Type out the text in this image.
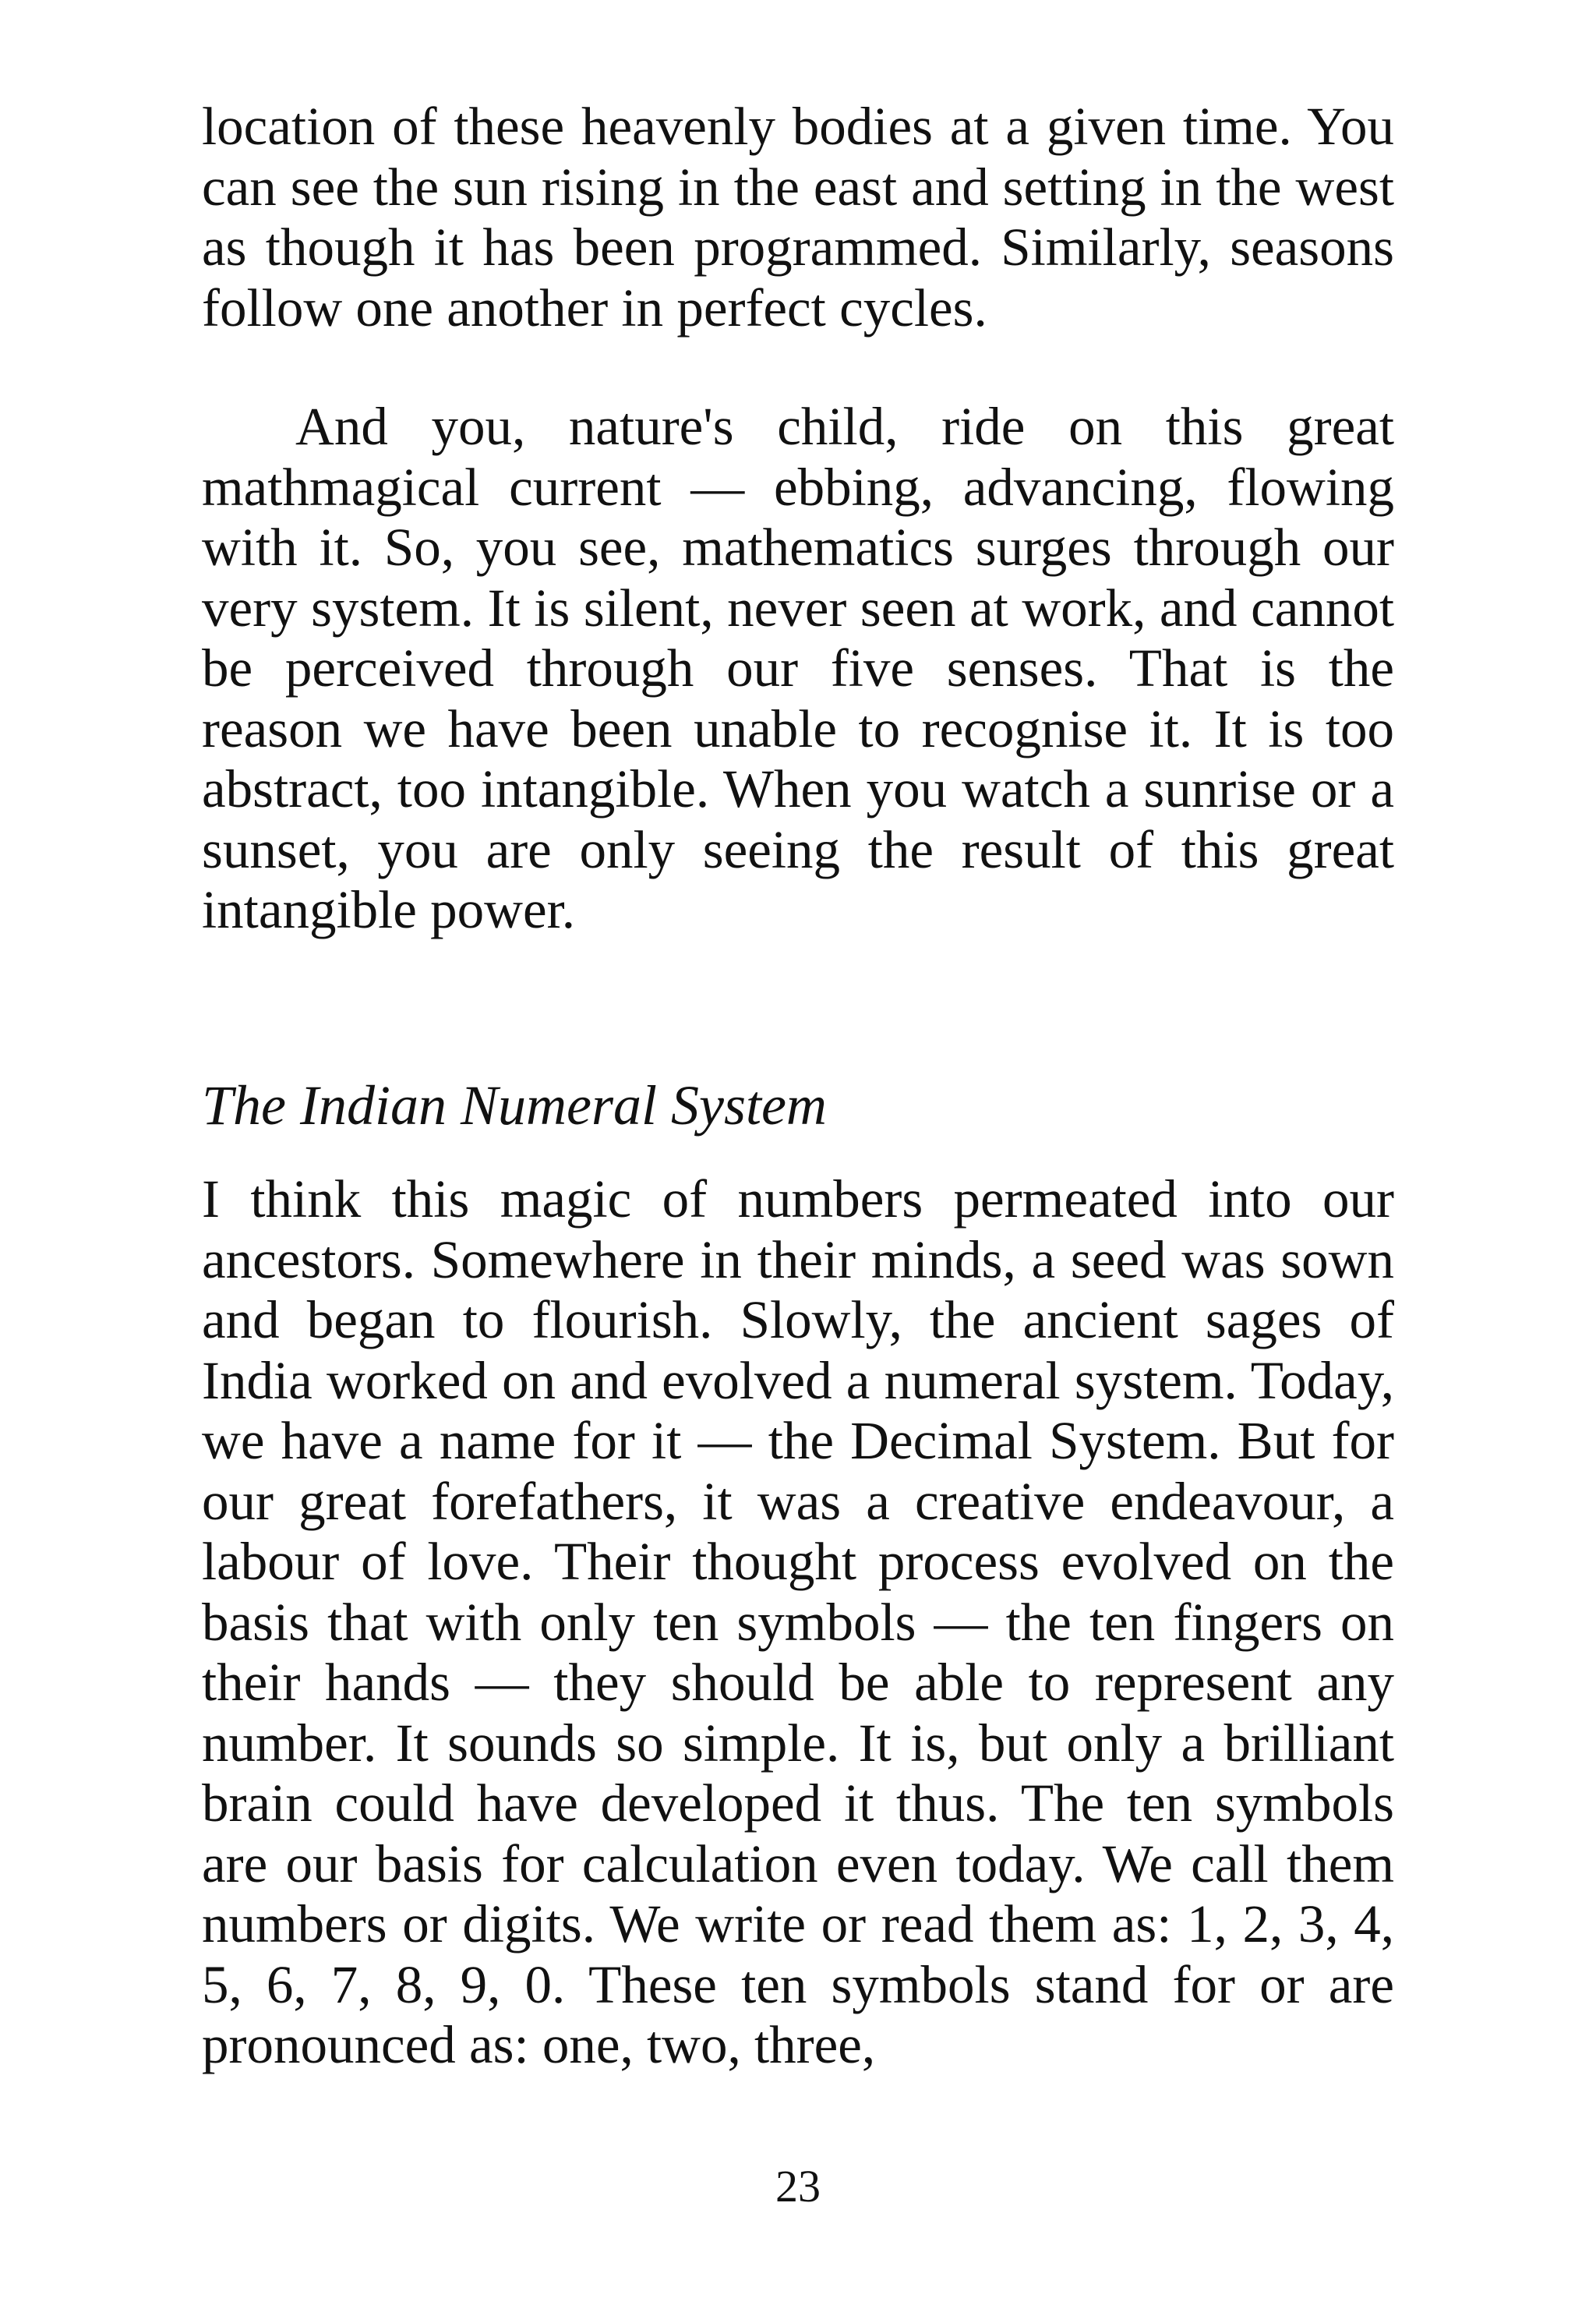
location of these heavenly bodies at a given time. You can see the sun rising in the east and setting in the west as though it has been programmed. Similarly, seasons follow one another in perfect cycles.

And you, nature's child, ride on this great mathmagical current — ebbing, advancing, flowing with it. So, you see, mathematics surges through our very system. It is silent, never seen at work, and cannot be perceived through our five senses. That is the reason we have been unable to recognise it. It is too abstract, too intangible. When you watch a sunrise or a sunset, you are only seeing the result of this great intangible power.

The Indian Numeral System

I think this magic of numbers permeated into our ancestors. Somewhere in their minds, a seed was sown and began to flourish. Slowly, the ancient sages of India worked on and evolved a numeral system. Today, we have a name for it — the Decimal System. But for our great forefathers, it was a creative endeavour, a labour of love. Their thought process evolved on the basis that with only ten symbols — the ten fingers on their hands — they should be able to represent any number. It sounds so simple. It is, but only a brilliant brain could have developed it thus. The ten symbols are our basis for calculation even today. We call them numbers or digits. We write or read them as: 1, 2, 3, 4, 5, 6, 7, 8, 9, 0. These ten symbols stand for or are pronounced as: one, two, three,

23
